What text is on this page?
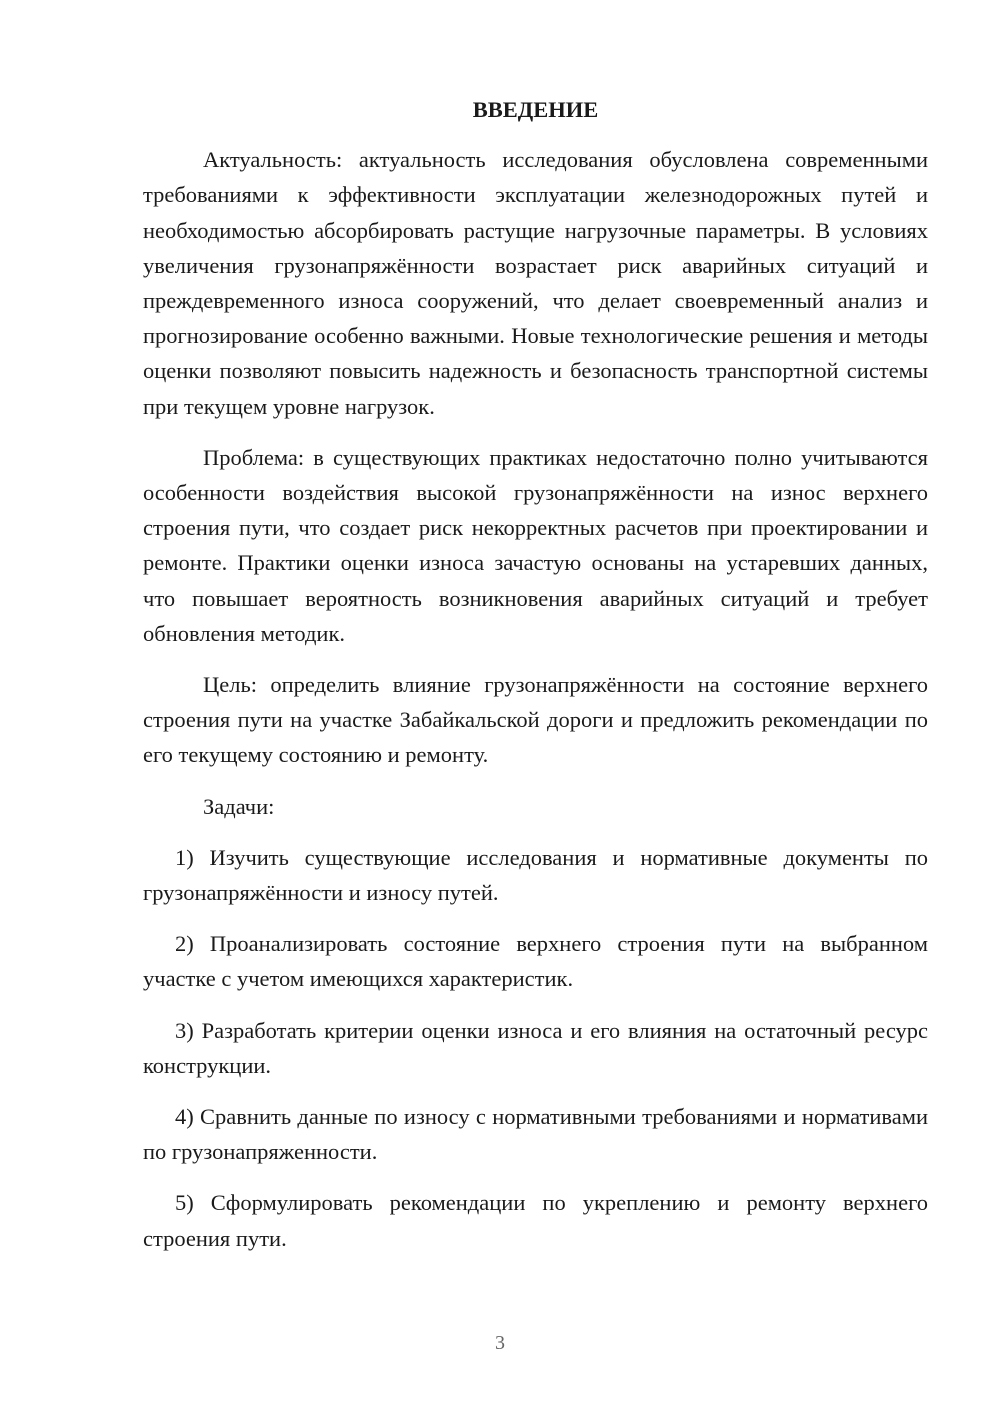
ВВЕДЕНИЕ

Актуальность: актуальность исследования обусловлена современными требованиями к эффективности эксплуатации железнодорожных путей и необходимостью абсорбировать растущие нагрузочные параметры. В условиях увеличения грузонапряжённости возрастает риск аварийных ситуаций и преждевременного износа сооружений, что делает своевременный анализ и прогнозирование особенно важными. Новые технологические решения и методы оценки позволяют повысить надежность и безопасность транспортной системы при текущем уровне нагрузок.

Проблема: в существующих практиках недостаточно полно учитываются особенности воздействия высокой грузонапряжённости на износ верхнего строения пути, что создает риск некорректных расчетов при проектировании и ремонте. Практики оценки износа зачастую основаны на устаревших данных, что повышает вероятность возникновения аварийных ситуаций и требует обновления методик.

Цель: определить влияние грузонапряжённости на состояние верхнего строения пути на участке Забайкальской дороги и предложить рекомендации по его текущему состоянию и ремонту.

Задачи:

1) Изучить существующие исследования и нормативные документы по грузонапряжённости и износу путей.

2) Проанализировать состояние верхнего строения пути на выбранном участке с учетом имеющихся характеристик.

3) Разработать критерии оценки износа и его влияния на остаточный ресурс конструкции.

4) Сравнить данные по износу с нормативными требованиями и нормативами по грузонапряженности.

5) Сформулировать рекомендации по укреплению и ремонту верхнего строения пути.

3
